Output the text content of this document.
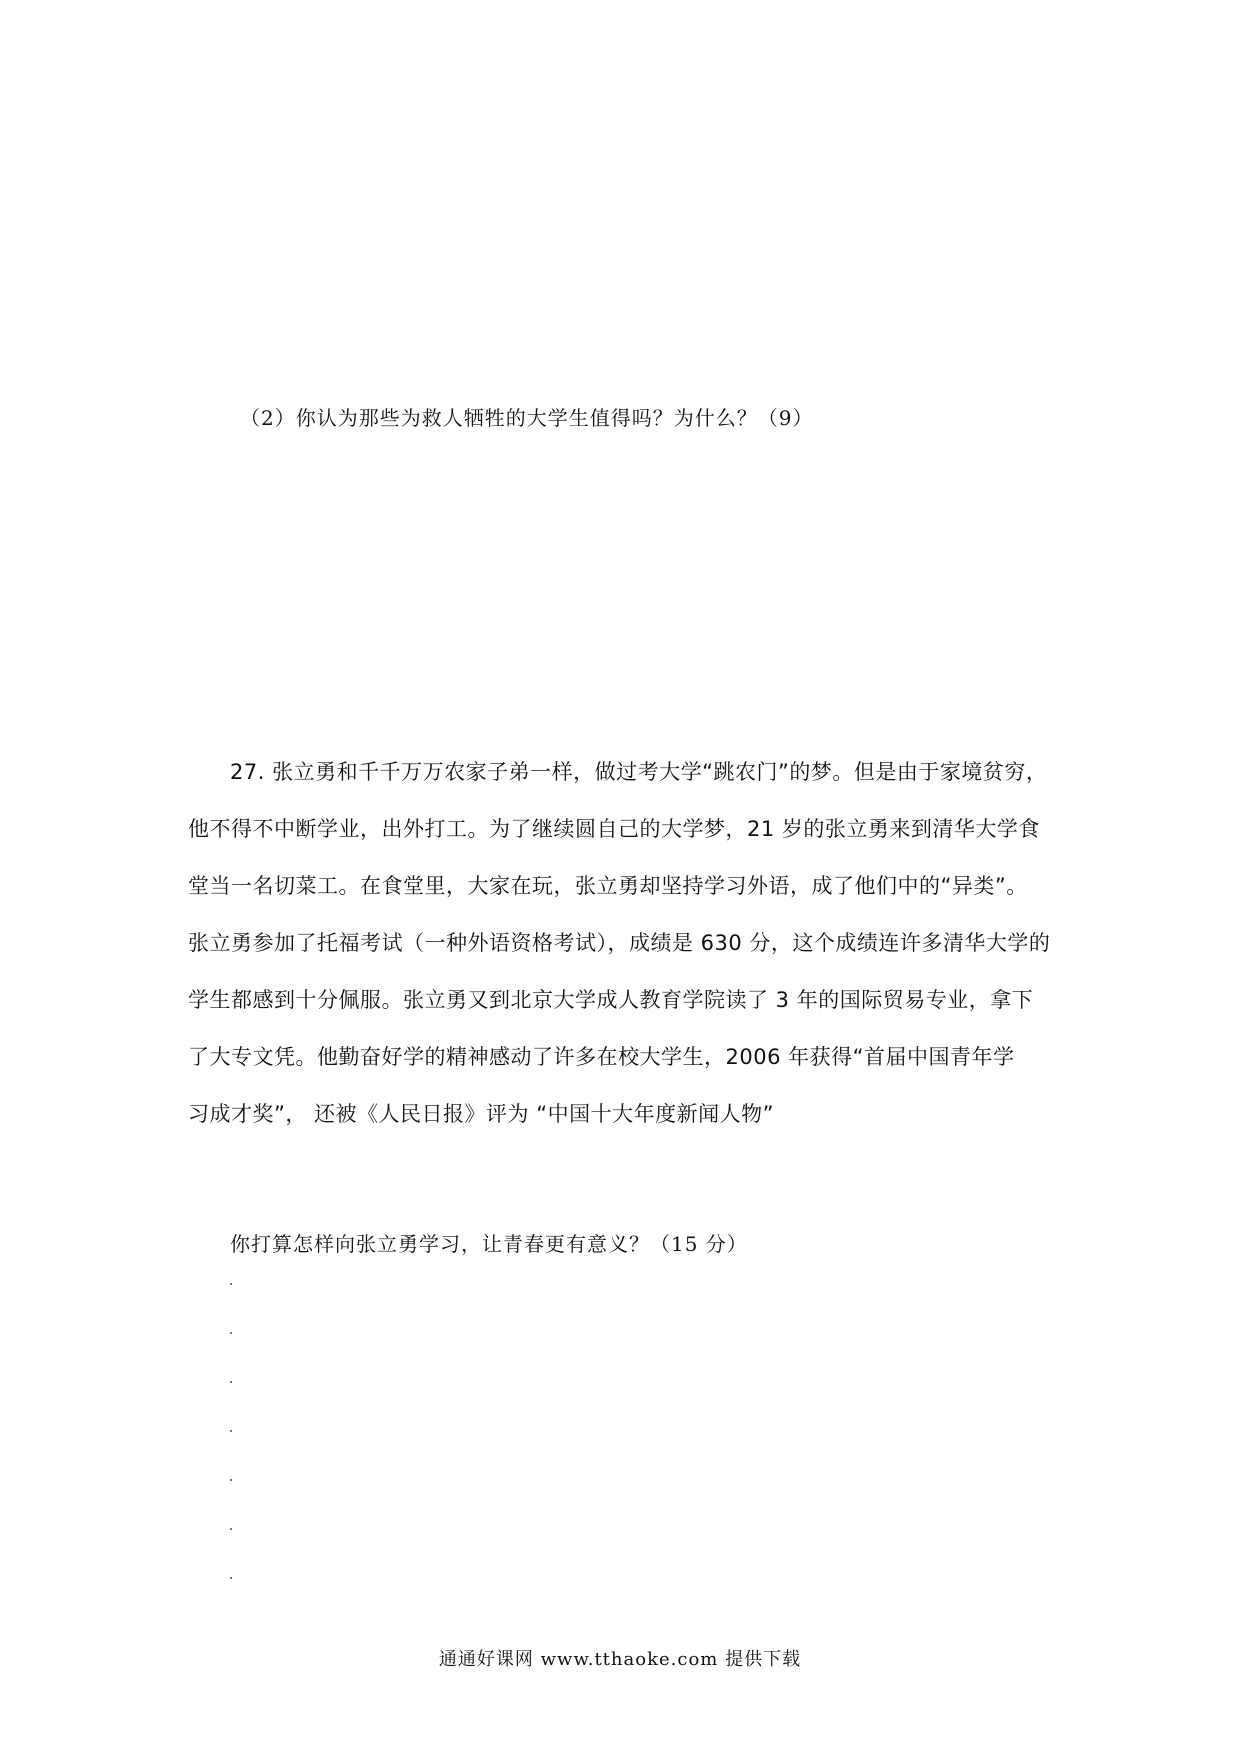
（2）你认为那些为救人牺牲的大学生值得吗？为什么？（9）
27. 张立勇和千千万万农家子弟一样，做过考大学“跳农门”的梦。但是由于家境贫穷，
他不得不中断学业，出外打工。为了继续圆自己的大学梦，21 岁的张立勇来到清华大学食
堂当一名切菜工。在食堂里，大家在玩，张立勇却坚持学习外语，成了他们中的“异类”。
张立勇参加了托福考试（一种外语资格考试），成绩是 630 分，这个成绩连许多清华大学的
学生都感到十分佩服。张立勇又到北京大学成人教育学院读了 3 年的国际贸易专业，拿下
了大专文凭。他勤奋好学的精神感动了许多在校大学生，2006 年获得“首届中国青年学
习成才奖”， 还被《人民日报》评为 “中国十大年度新闻人物”
你打算怎样向张立勇学习，让青春更有意义？（15 分）
通通好课网 www.tthaoke.com 提供下载
